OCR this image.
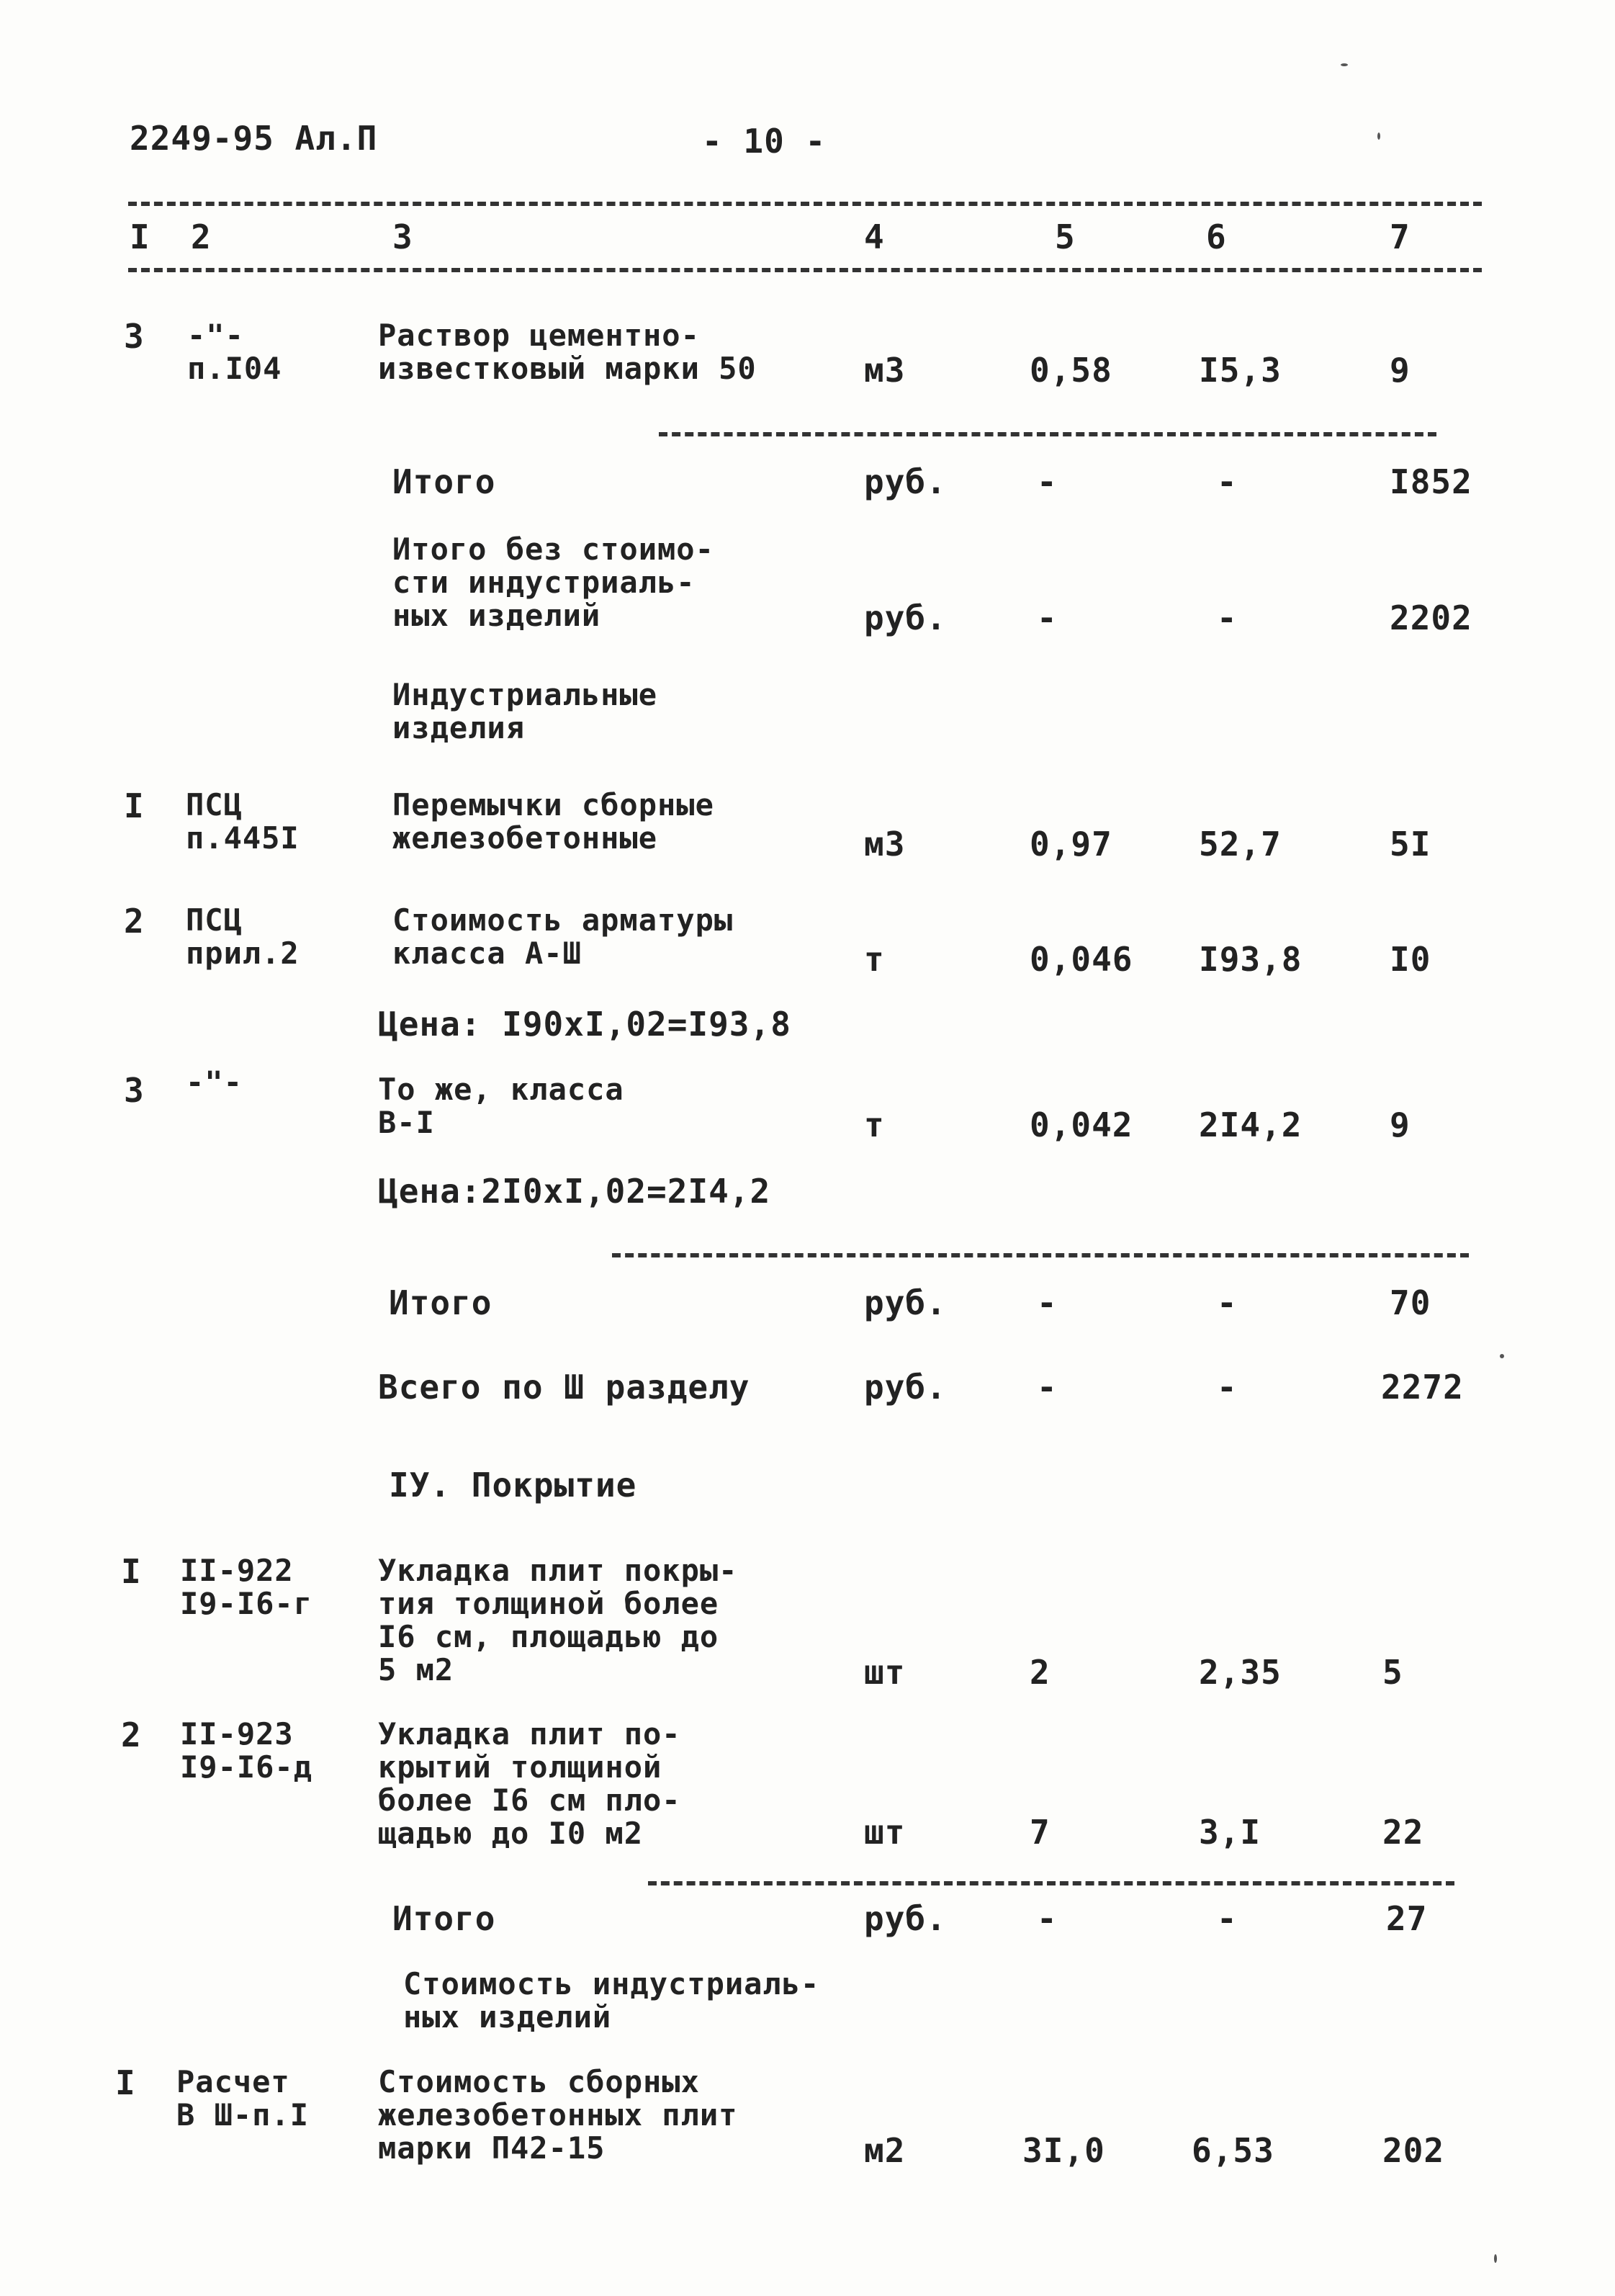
2249-95 Ал.П	- 10 -
I 2	3	4	5	6	7
3 -"-
п.I04
Раствор цементно-
известковый марки 50	м3	0,58	I5,3	9
Итого	руб.	-	-	I852
Итого без стоимо-
сти индустриаль-
ных изделий	руб.	-	-	2202
Индустриальные
изделия
I ПСЦ
п.445I
Перемычки сборные
железобетонные	м3	0,97	52,7	5I
2 ПСЦ
прил.2
Стоимость арматуры
класса А-Ш	т	0,046 I93,8	I0
Цена: I90хI,02=I93,8
3 -"-	То же, класса
В-I	т	0,042 2I4,2	9
Цена:2I0хI,02=2I4,2
Итого	руб.	-	-	70
Всего по Ш разделу	руб.	-	-	2272
IУ. Покрытие
I II-922
I9-I6-г
Укладка плит покры-
тия толщиной более
I6 см, площадью до
5 м2	шт	2	2,35	5
2 II-923
I9-I6-д
Укладка плит по-
крытий толщиной
более I6 см пло-
щадью до I0 м2	шт	7	3,I	22
Итого	руб.	-	-	27
Стоимость индустриаль-
ных изделий
I Расчет
В Ш-п.I
Стоимость сборных
железобетонных плит
марки П42-15	м2	3I,0	6,53	202
